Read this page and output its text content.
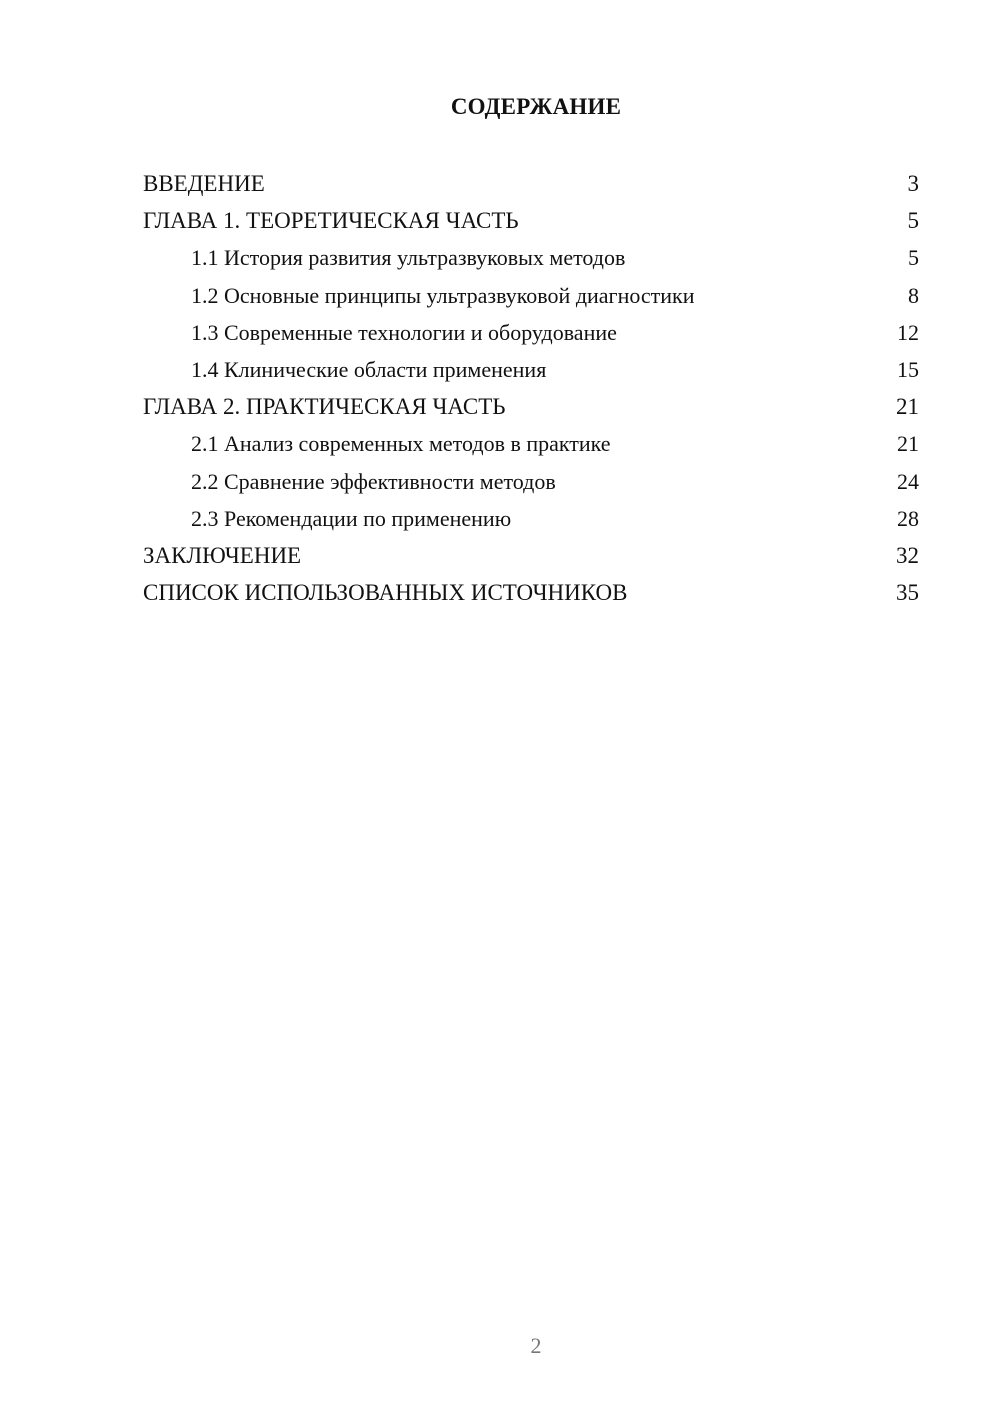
СОДЕРЖАНИЕ
ВВЕДЕНИЕ	3
ГЛАВА 1. ТЕОРЕТИЧЕСКАЯ ЧАСТЬ	5
1.1 История развития ультразвуковых методов	5
1.2 Основные принципы ультразвуковой диагностики	8
1.3 Современные технологии и оборудование	12
1.4 Клинические области применения	15
ГЛАВА 2. ПРАКТИЧЕСКАЯ ЧАСТЬ	21
2.1 Анализ современных методов в практике	21
2.2 Сравнение эффективности методов	24
2.3 Рекомендации по применению	28
ЗАКЛЮЧЕНИЕ	32
СПИСОК ИСПОЛЬЗОВАННЫХ ИСТОЧНИКОВ	35
2
